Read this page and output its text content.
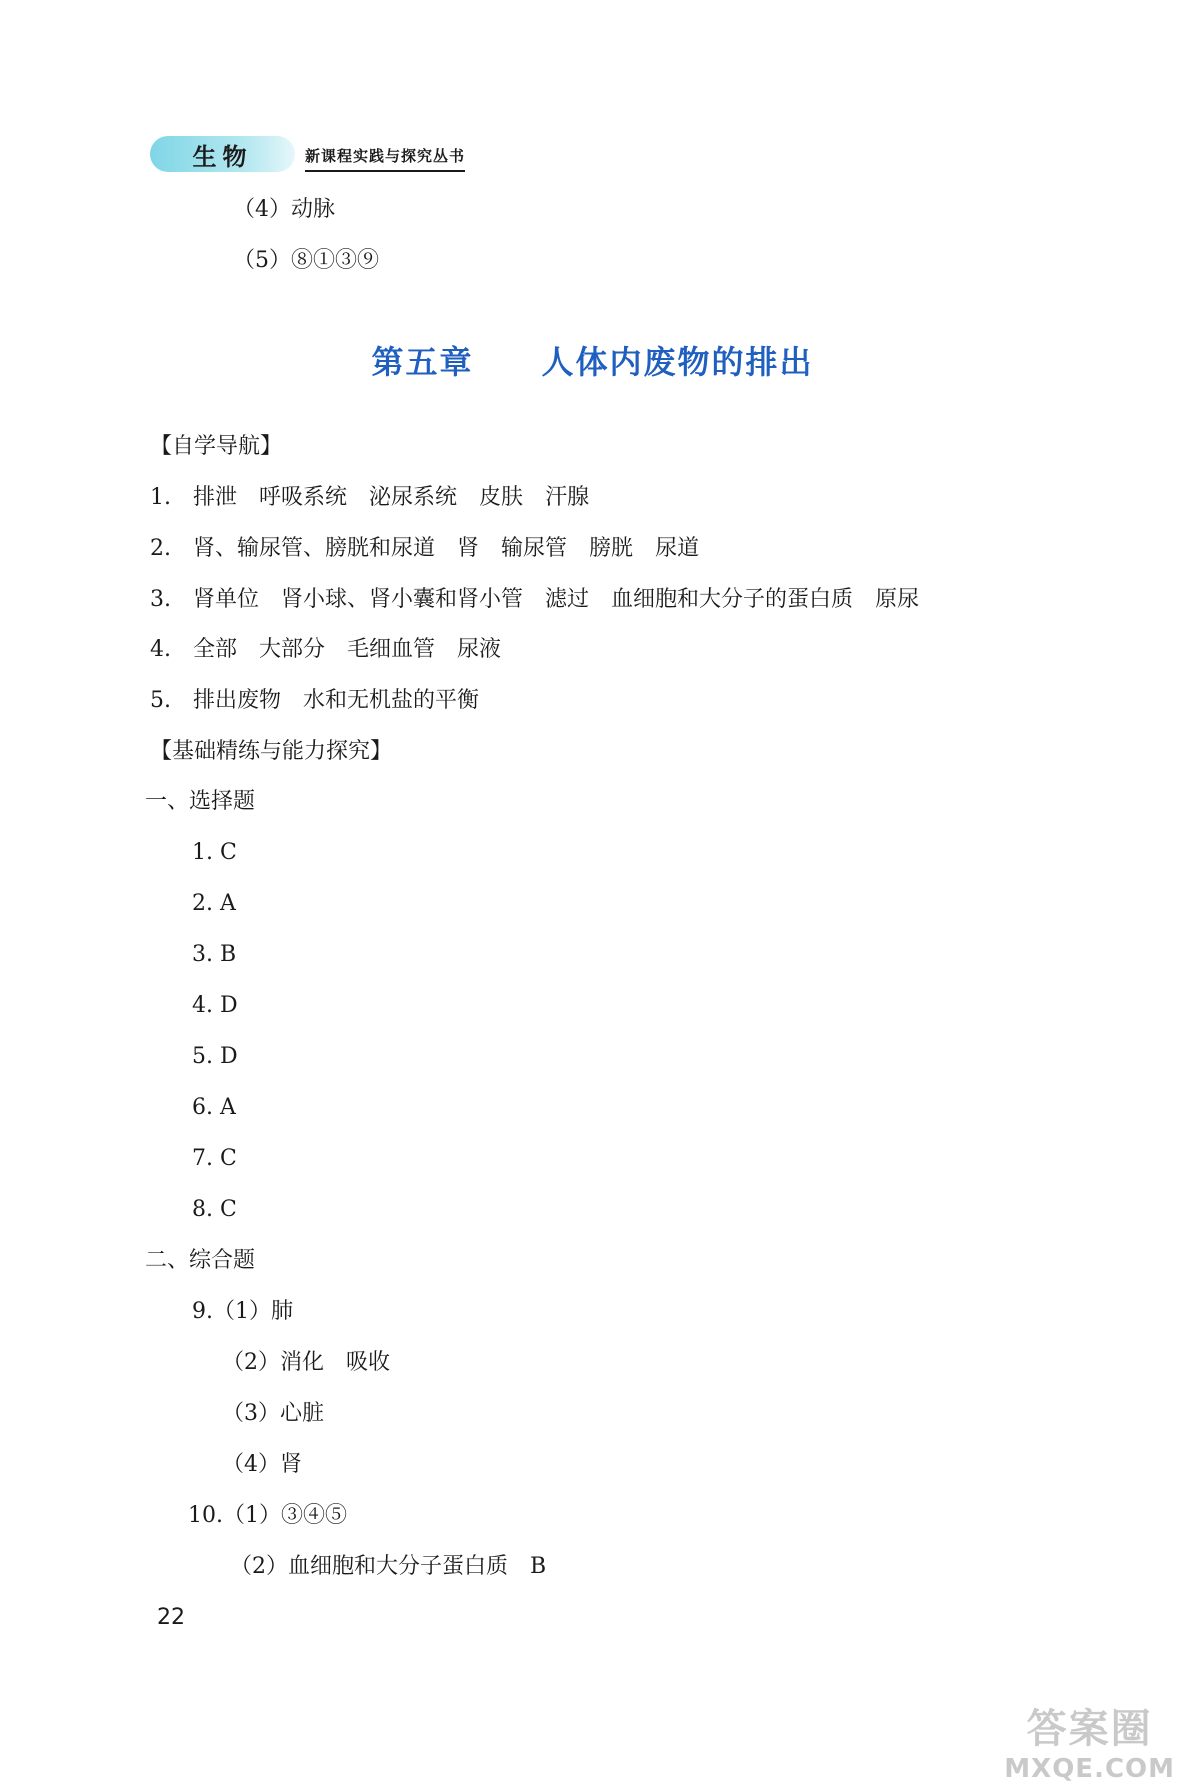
生物	新课程实践与探究丛书
（4）动脉
（5）⑧①③⑨
第五章　　 人体内废物的排出
【自学导航】
1. 排泄 呼吸系统 泌尿系统 皮肤 汗腺
2. 肾、输尿管、膀胱和尿道 肾 输尿管 膀胱 尿道
3. 肾单位 肾小球、肾小囊和肾小管 滤过 血细胞和大分子的蛋白质 原尿
4. 全部 大部分 毛细血管 尿液
5. 排出废物 水和无机盐的平衡
【基础精练与能力探究】
一、选择题
1. C
2. A
3. B
4. D
5. D
6. A
7. C
8. C
二、综合题
9.（1）肺
（2）消化　吸收
（3）心脏
（4）肾
10.（1）③④⑤
（2）血细胞和大分子蛋白质　B
22
答案圈
MXQE.COM
